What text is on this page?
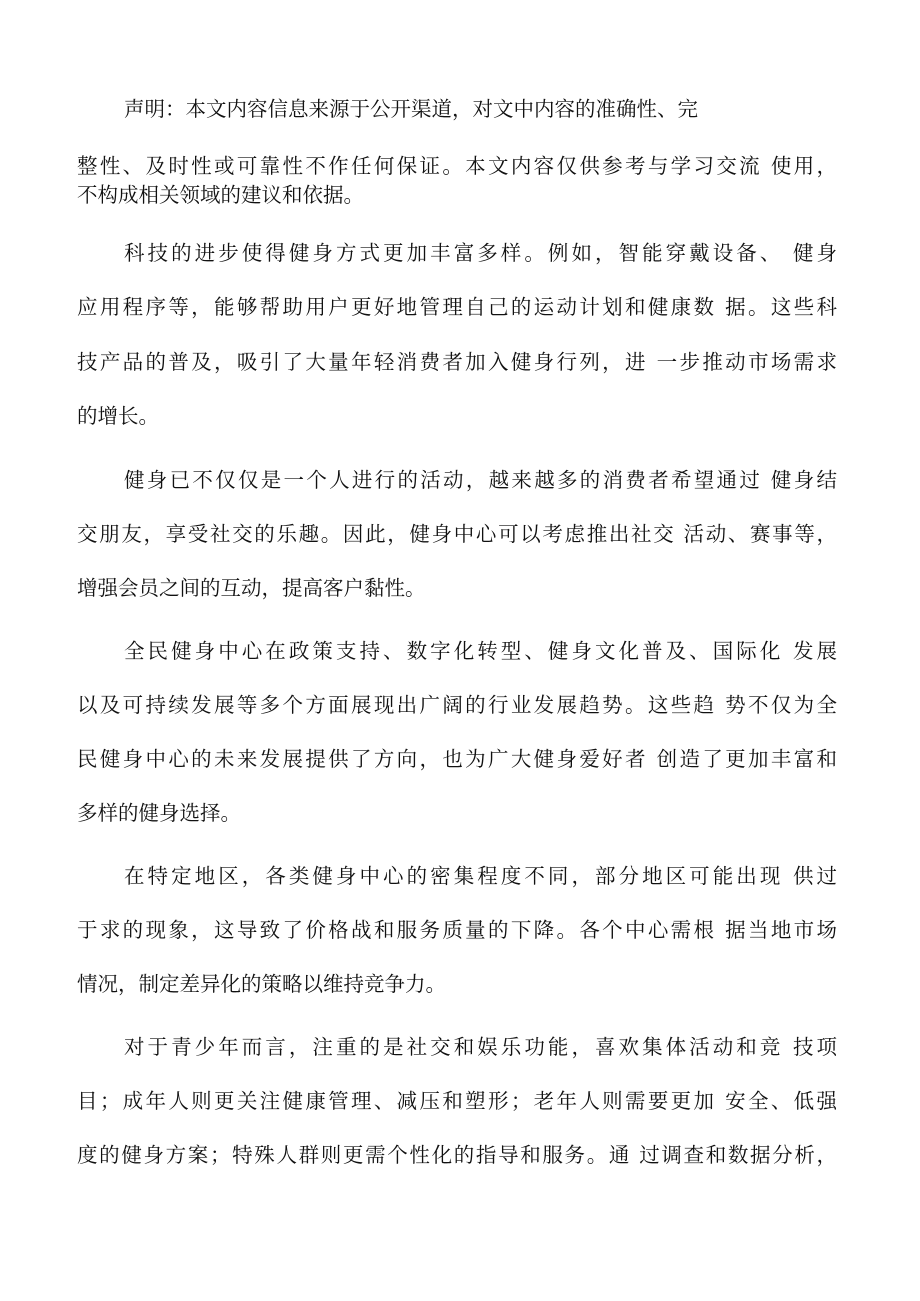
声明：本文内容信息来源于公开渠道，对文中内容的准确性、完
整性、及时性或可靠性不作任何保证。本文内容仅供参考与学习交流 使用，
不构成相关领域的建议和依据。
科技的进步使得健身方式更加丰富多样。例如，智能穿戴设备、 健身
应用程序等，能够帮助用户更好地管理自己的运动计划和健康数 据。这些科
技产品的普及，吸引了大量年轻消费者加入健身行列，进 一步推动市场需求
的增长。
健身已不仅仅是一个人进行的活动，越来越多的消费者希望通过 健身结
交朋友，享受社交的乐趣。因此，健身中心可以考虑推出社交 活动、赛事等，
增强会员之间的互动，提高客户黏性。
全民健身中心在政策支持、数字化转型、健身文化普及、国际化 发展
以及可持续发展等多个方面展现出广阔的行业发展趋势。这些趋 势不仅为全
民健身中心的未来发展提供了方向，也为广大健身爱好者 创造了更加丰富和
多样的健身选择。
在特定地区，各类健身中心的密集程度不同，部分地区可能出现 供过
于求的现象，这导致了价格战和服务质量的下降。各个中心需根 据当地市场
情况，制定差异化的策略以维持竞争力。
对于青少年而言，注重的是社交和娱乐功能，喜欢集体活动和竞 技项
目；成年人则更关注健康管理、减压和塑形；老年人则需要更加 安全、低强
度的健身方案；特殊人群则更需个性化的指导和服务。通 过调查和数据分析，
